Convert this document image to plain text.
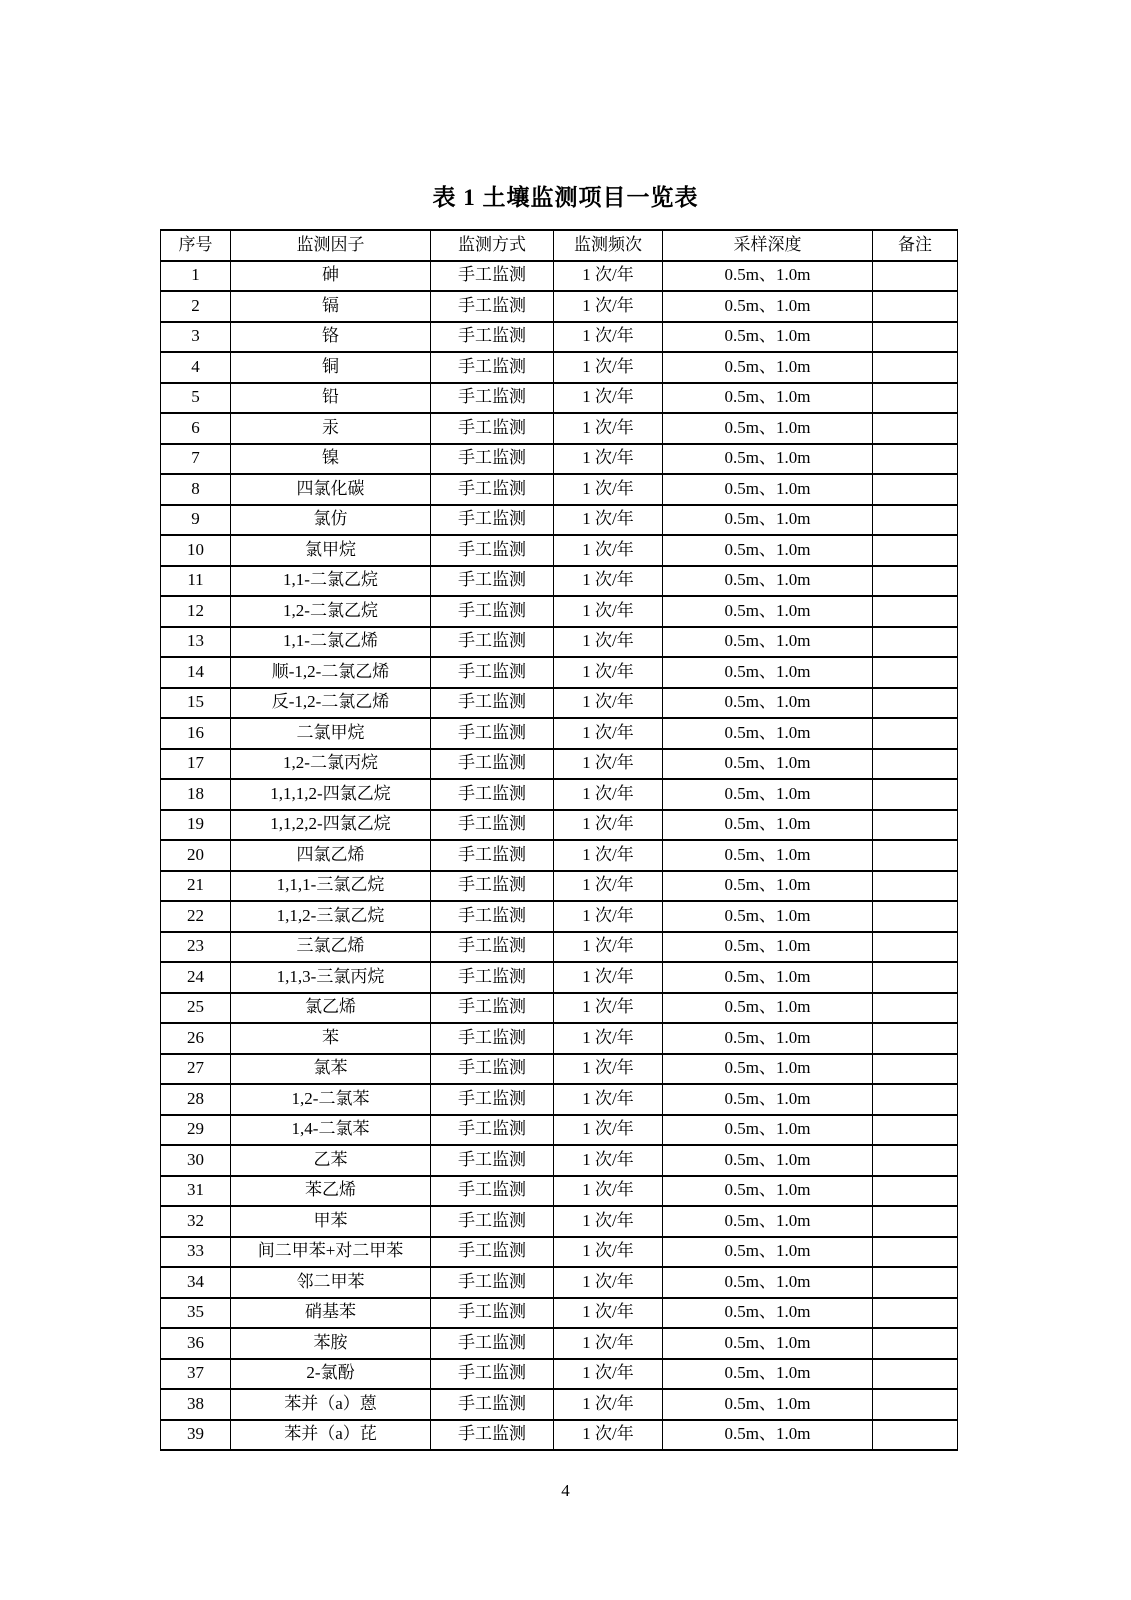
表 1 土壤监测项目一览表
序号	监测因子	监测方式	监测频次	采样深度	备注
1	砷	手工监测	1 次/年	0.5m、1.0m	
2	镉	手工监测	1 次/年	0.5m、1.0m	
3	铬	手工监测	1 次/年	0.5m、1.0m	
4	铜	手工监测	1 次/年	0.5m、1.0m	
5	铅	手工监测	1 次/年	0.5m、1.0m	
6	汞	手工监测	1 次/年	0.5m、1.0m	
7	镍	手工监测	1 次/年	0.5m、1.0m	
8	四氯化碳	手工监测	1 次/年	0.5m、1.0m	
9	氯仿	手工监测	1 次/年	0.5m、1.0m	
10	氯甲烷	手工监测	1 次/年	0.5m、1.0m	
11	1,1-二氯乙烷	手工监测	1 次/年	0.5m、1.0m	
12	1,2-二氯乙烷	手工监测	1 次/年	0.5m、1.0m	
13	1,1-二氯乙烯	手工监测	1 次/年	0.5m、1.0m	
14	顺-1,2-二氯乙烯	手工监测	1 次/年	0.5m、1.0m	
15	反-1,2-二氯乙烯	手工监测	1 次/年	0.5m、1.0m	
16	二氯甲烷	手工监测	1 次/年	0.5m、1.0m	
17	1,2-二氯丙烷	手工监测	1 次/年	0.5m、1.0m	
18	1,1,1,2-四氯乙烷	手工监测	1 次/年	0.5m、1.0m	
19	1,1,2,2-四氯乙烷	手工监测	1 次/年	0.5m、1.0m	
20	四氯乙烯	手工监测	1 次/年	0.5m、1.0m	
21	1,1,1-三氯乙烷	手工监测	1 次/年	0.5m、1.0m	
22	1,1,2-三氯乙烷	手工监测	1 次/年	0.5m、1.0m	
23	三氯乙烯	手工监测	1 次/年	0.5m、1.0m	
24	1,1,3-三氯丙烷	手工监测	1 次/年	0.5m、1.0m	
25	氯乙烯	手工监测	1 次/年	0.5m、1.0m	
26	苯	手工监测	1 次/年	0.5m、1.0m	
27	氯苯	手工监测	1 次/年	0.5m、1.0m	
28	1,2-二氯苯	手工监测	1 次/年	0.5m、1.0m	
29	1,4-二氯苯	手工监测	1 次/年	0.5m、1.0m	
30	乙苯	手工监测	1 次/年	0.5m、1.0m	
31	苯乙烯	手工监测	1 次/年	0.5m、1.0m	
32	甲苯	手工监测	1 次/年	0.5m、1.0m	
33	间二甲苯+对二甲苯	手工监测	1 次/年	0.5m、1.0m	
34	邻二甲苯	手工监测	1 次/年	0.5m、1.0m	
35	硝基苯	手工监测	1 次/年	0.5m、1.0m	
36	苯胺	手工监测	1 次/年	0.5m、1.0m	
37	2-氯酚	手工监测	1 次/年	0.5m、1.0m	
38	苯并（a）蒽	手工监测	1 次/年	0.5m、1.0m	
39	苯并（a）芘	手工监测	1 次/年	0.5m、1.0m	
4
